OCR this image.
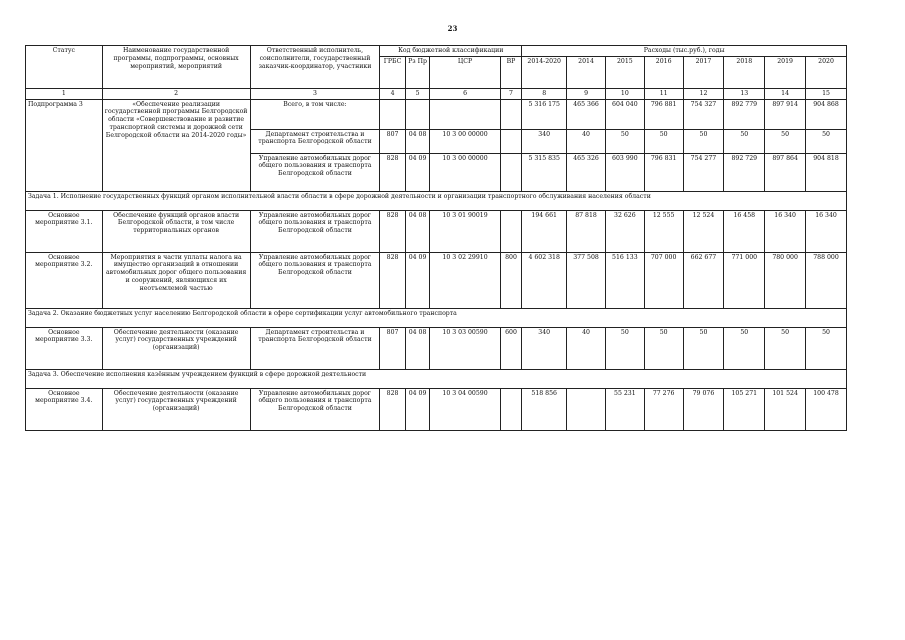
23
Статус	Наименование государственной программы, подпрограммы, основных мероприятий, мероприятий	Ответственный исполнитель, соисполнители, государственный заказчик-координатор, участники	Код бюджетной классификации				Расходы (тыс.руб.), годы							
			ГРБС	Рз Пр	ЦСР	ВР	2014-2020	2014	2015	2016	2017	2018	2019	2020
1	2	3	4	5	6	7	8	9	10	11	12	13	14	15
Подпрограмма 3	«Обеспечение реализации государственной программы Белгородской области «Совершенствование и развитие транспортной системы и дорожной сети Белгородской области на 2014-2020 годы»	Всего, в том числе:					5 316 175	465 366	604 040	796 881	754 327	892 779	897 914	904 868
		Департамент строительства и транспорта Белгородской области	807	04 08	10 3 00 00000		340	40	50	50	50	50	50	50
		Управление автомобильных дорог общего пользования и транспорта Белгородской области	828	04 09	10 3 00 00000		5 315 835	465 326	603 990	796 831	754 277	892 729	897 864	904 818
Задача 1. Исполнение государственных функций органом исполнительной власти области в сфере дорожной деятельности и организации транспортного обслуживания населения области														
Основное мероприятие 3.1.	Обеспечение функций органов власти Белгородской области, в том числе территориальных органов	Управление автомобильных дорог общего пользования и транспорта Белгородской области	828	04 08	10 3 01 90019		194 661	87 818	32 626	12 555	12 524	16 458	16 340	16 340
Основное мероприятие 3.2.	Мероприятия в части уплаты налога на имущество организаций в отношении автомобильных дорог общего пользования и сооружений, являющихся их неотъемлемой частью	Управление автомобильных дорог общего пользования и транспорта Белгородской области	828	04 09	10 3 02 29910	800	4 602 318	377 508	516 133	707 000	662 677	771 000	780 000	788 000
Задача 2. Оказание бюджетных услуг населению Белгородской области в сфере сертификации услуг автомобильного транспорта														
Основное мероприятие 3.3.	Обеспечение деятельности (оказание услуг) государственных учреждений (организаций)	Департамент строительства и транспорта Белгородской области	807	04 08	10 3 03 00590	600	340	40	50	50	50	50	50	50
Задача 3. Обеспечение исполнения казённым учреждением функций в сфере дорожной деятельности														
Основное мероприятие 3.4.	Обеспечение деятельности (оказание услуг) государственных учреждений (организаций)	Управление автомобильных дорог общего пользования и транспорта Белгородской области	828	04 09	10 3 04 00590		518 856		55 231	77 276	79 076	105 271	101 524	100 478
